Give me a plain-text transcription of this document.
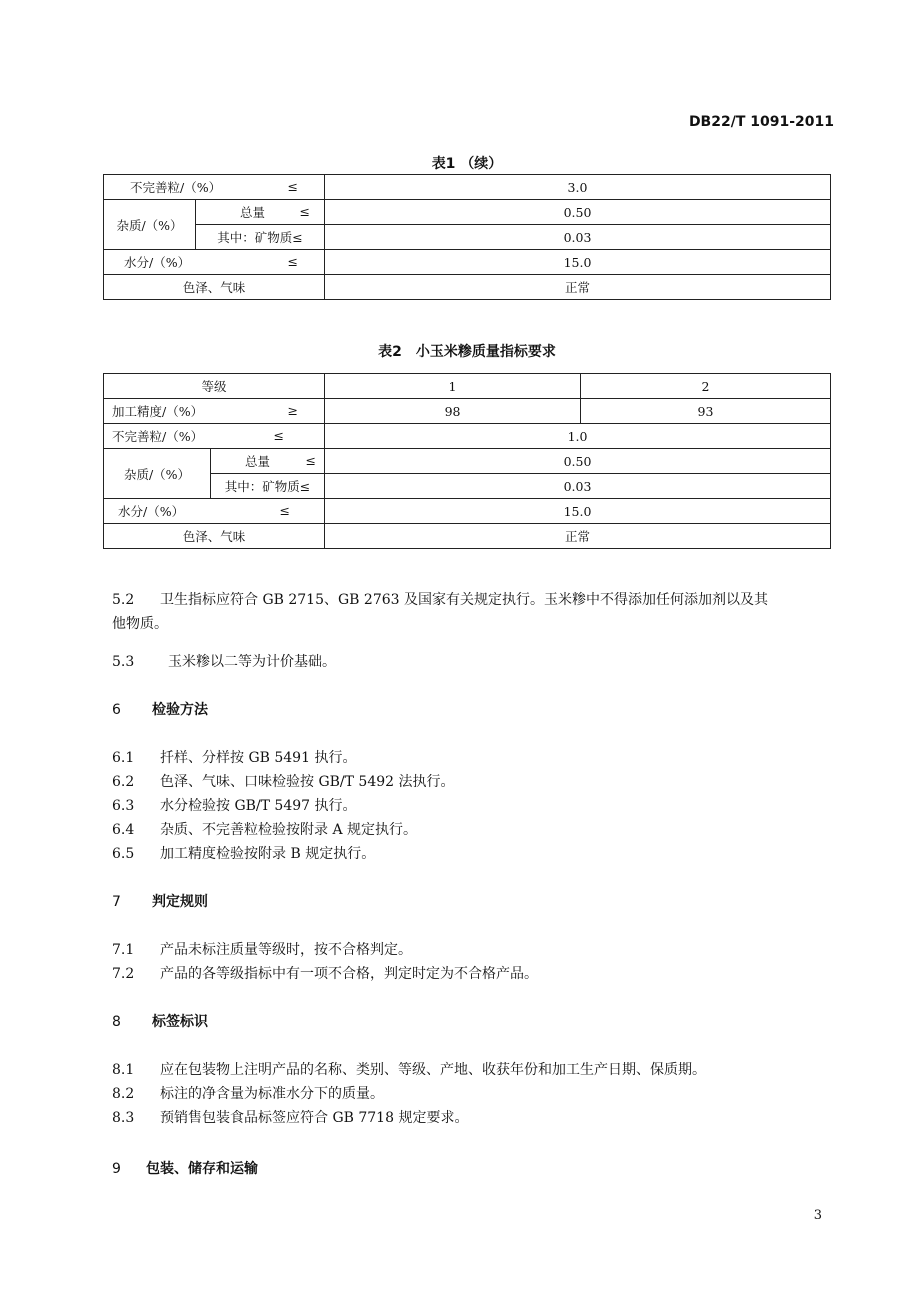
DB22/T 1091-2011
表1 （续）
不完善粒/（%） ≤		3.0
杂质/（%）	总量 ≤	0.50
	其中：矿物质≤	0.03
水分/（%） ≤		15.0
色泽、气味		正常
表2　小玉米糁质量指标要求
等级		1	2
加工精度/（%） ≥		98	93
不完善粒/（%） ≤		1.0	
杂质/（%）	总量 ≤	0.50	
	其中：矿物质≤	0.03	
水分/（%） ≤		15.0	
色泽、气味		正常	
5.2 卫生指标应符合 GB 2715、GB 2763 及国家有关规定执行。玉米糁中不得添加任何添加剂以及其
他物质。
5.3 玉米糁以二等为计价基础。
6 检验方法
6.1 扦样、分样按 GB 5491 执行。
6.2 色泽、气味、口味检验按 GB/T 5492 法执行。
6.3 水分检验按 GB/T 5497 执行。
6.4 杂质、不完善粒检验按附录 A 规定执行。
6.5 加工精度检验按附录 B 规定执行。
7 判定规则
7.1 产品未标注质量等级时，按不合格判定。
7.2 产品的各等级指标中有一项不合格，判定时定为不合格产品。
8 标签标识
8.1 应在包装物上注明产品的名称、类别、等级、产地、收获年份和加工生产日期、保质期。
8.2 标注的净含量为标准水分下的质量。
8.3 预销售包装食品标签应符合 GB 7718 规定要求。
9 包装、储存和运输
3
